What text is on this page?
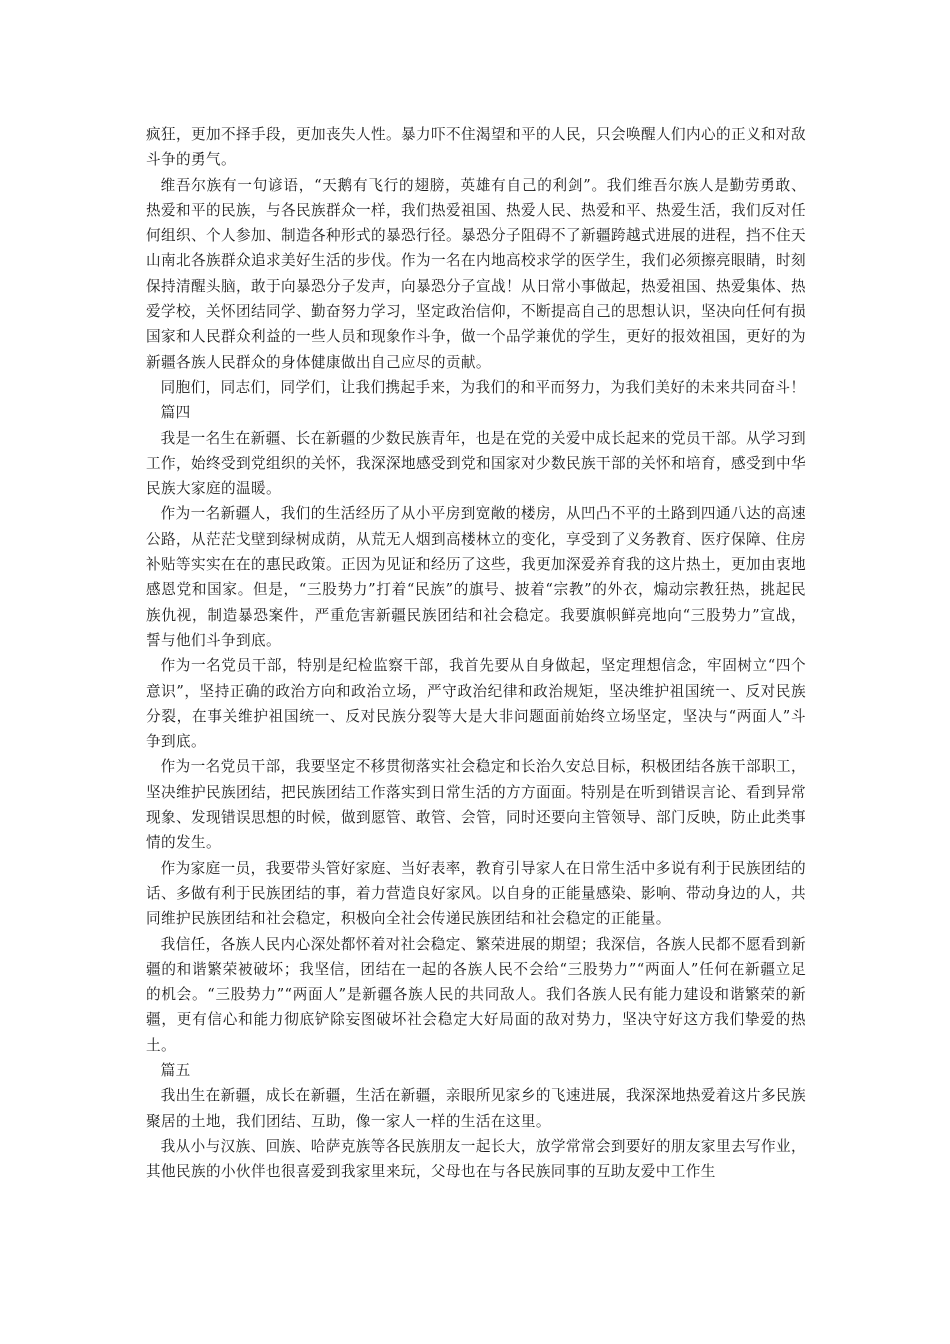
疯狂，更加不择手段，更加丧失人性。暴力吓不住渴望和平的人民，只会唤醒人们内心的正义和对敌斗争的勇气。

维吾尔族有一句谚语，“天鹅有飞行的翅膀，英雄有自己的利剑”。我们维吾尔族人是勤劳勇敢、热爱和平的民族，与各民族群众一样，我们热爱祖国、热爱人民、热爱和平、热爱生活，我们反对任何组织、个人参加、制造各种形式的暴恐行径。暴恐分子阻碍不了新疆跨越式进展的进程，挡不住天山南北各族群众追求美好生活的步伐。作为一名在内地高校求学的医学生，我们必须擦亮眼睛，时刻保持清醒头脑，敢于向暴恐分子发声，向暴恐分子宣战！从日常小事做起，热爱祖国、热爱集体、热爱学校，关怀团结同学、勤奋努力学习，坚定政治信仰，不断提高自己的思想认识，坚决向任何有损国家和人民群众利益的一些人员和现象作斗争，做一个品学兼优的学生，更好的报效祖国，更好的为新疆各族人民群众的身体健康做出自己应尽的贡献。

同胞们，同志们，同学们，让我们携起手来，为我们的和平而努力，为我们美好的未来共同奋斗！

篇四

我是一名生在新疆、长在新疆的少数民族青年，也是在党的关爱中成长起来的党员干部。从学习到工作，始终受到党组织的关怀，我深深地感受到党和国家对少数民族干部的关怀和培育，感受到中华民族大家庭的温暖。

作为一名新疆人，我们的生活经历了从小平房到宽敞的楼房，从凹凸不平的土路到四通八达的高速公路，从茫茫戈壁到绿树成荫，从荒无人烟到高楼林立的变化，享受到了义务教育、医疗保障、住房补贴等实实在在的惠民政策。正因为见证和经历了这些，我更加深爱养育我的这片热土，更加由衷地感恩党和国家。但是，“三股势力”打着“民族”的旗号、披着“宗教”的外衣，煽动宗教狂热，挑起民族仇视，制造暴恐案件，严重危害新疆民族团结和社会稳定。我要旗帜鲜亮地向“三股势力”宣战，誓与他们斗争到底。

作为一名党员干部，特别是纪检监察干部，我首先要从自身做起，坚定理想信念，牢固树立“四个意识”，坚持正确的政治方向和政治立场，严守政治纪律和政治规矩，坚决维护祖国统一、反对民族分裂，在事关维护祖国统一、反对民族分裂等大是大非问题面前始终立场坚定，坚决与“两面人”斗争到底。

作为一名党员干部，我要坚定不移贯彻落实社会稳定和长治久安总目标，积极团结各族干部职工，坚决维护民族团结，把民族团结工作落实到日常生活的方方面面。特别是在听到错误言论、看到异常现象、发现错误思想的时候，做到愿管、敢管、会管，同时还要向主管领导、部门反映，防止此类事情的发生。

作为家庭一员，我要带头管好家庭、当好表率，教育引导家人在日常生活中多说有利于民族团结的话、多做有利于民族团结的事，着力营造良好家风。以自身的正能量感染、影响、带动身边的人，共同维护民族团结和社会稳定，积极向全社会传递民族团结和社会稳定的正能量。

我信任，各族人民内心深处都怀着对社会稳定、繁荣进展的期望；我深信，各族人民都不愿看到新疆的和谐繁荣被破坏；我坚信，团结在一起的各族人民不会给“三股势力”“两面人”任何在新疆立足的机会。“三股势力”“两面人”是新疆各族人民的共同敌人。我们各族人民有能力建设和谐繁荣的新疆，更有信心和能力彻底铲除妄图破坏社会稳定大好局面的敌对势力，坚决守好这方我们挚爱的热土。

篇五

我出生在新疆，成长在新疆，生活在新疆，亲眼所见家乡的飞速进展，我深深地热爱着这片多民族聚居的土地，我们团结、互助，像一家人一样的生活在这里。

我从小与汉族、回族、哈萨克族等各民族朋友一起长大，放学常常会到要好的朋友家里去写作业，其他民族的小伙伴也很喜爱到我家里来玩，父母也在与各民族同事的互助友爱中工作生
